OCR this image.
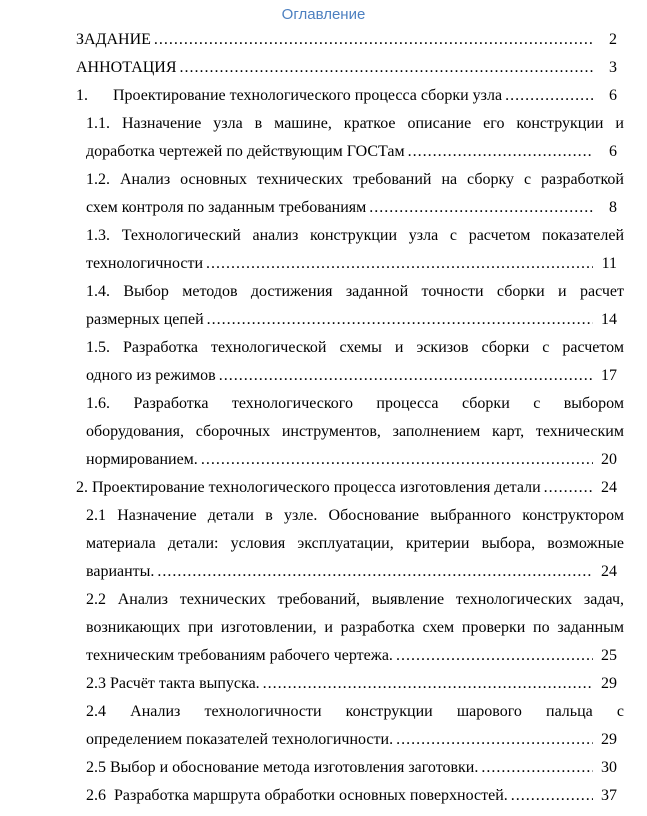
Оглавление
ЗАДАНИЕ .....	2
АННОТАЦИЯ .....	3
1.	Проектирование технологического процесса сборки узла .....	6
1.1. Назначение узла в машине, краткое описание его конструкции и
доработка чертежей по действующим ГОСТам .....	6
1.2. Анализ основных технических требований на сборку с разработкой
схем контроля по заданным требованиям .....	8
1.3. Технологический анализ конструкции узла с расчетом показателей
технологичности .....	11
1.4. Выбор методов достижения заданной точности сборки и расчет
размерных цепей .....	14
1.5. Разработка технологической схемы и эскизов сборки с расчетом
одного из режимов .....	17
1.6. Разработка технологического процесса сборки с выбором
оборудования, сборочных инструментов, заполнением карт, техническим
нормированием. .....	20
2. Проектирование технологического процесса изготовления детали .....	24
2.1 Назначение детали в узле. Обоснование выбранного конструктором
материала детали: условия эксплуатации, критерии выбора, возможные
варианты. .....	24
2.2 Анализ технических требований, выявление технологических задач,
возникающих при изготовлении, и разработка схем проверки по заданным
техническим требованиям рабочего чертежа. .....	25
2.3 Расчёт такта выпуска. .....	29
2.4 Анализ технологичности конструкции шарового пальца с
определением показателей технологичности. .....	29
2.5 Выбор и обоснование метода изготовления заготовки. .....	30
2.6  Разработка маршрута обработки основных поверхностей. .....	37
